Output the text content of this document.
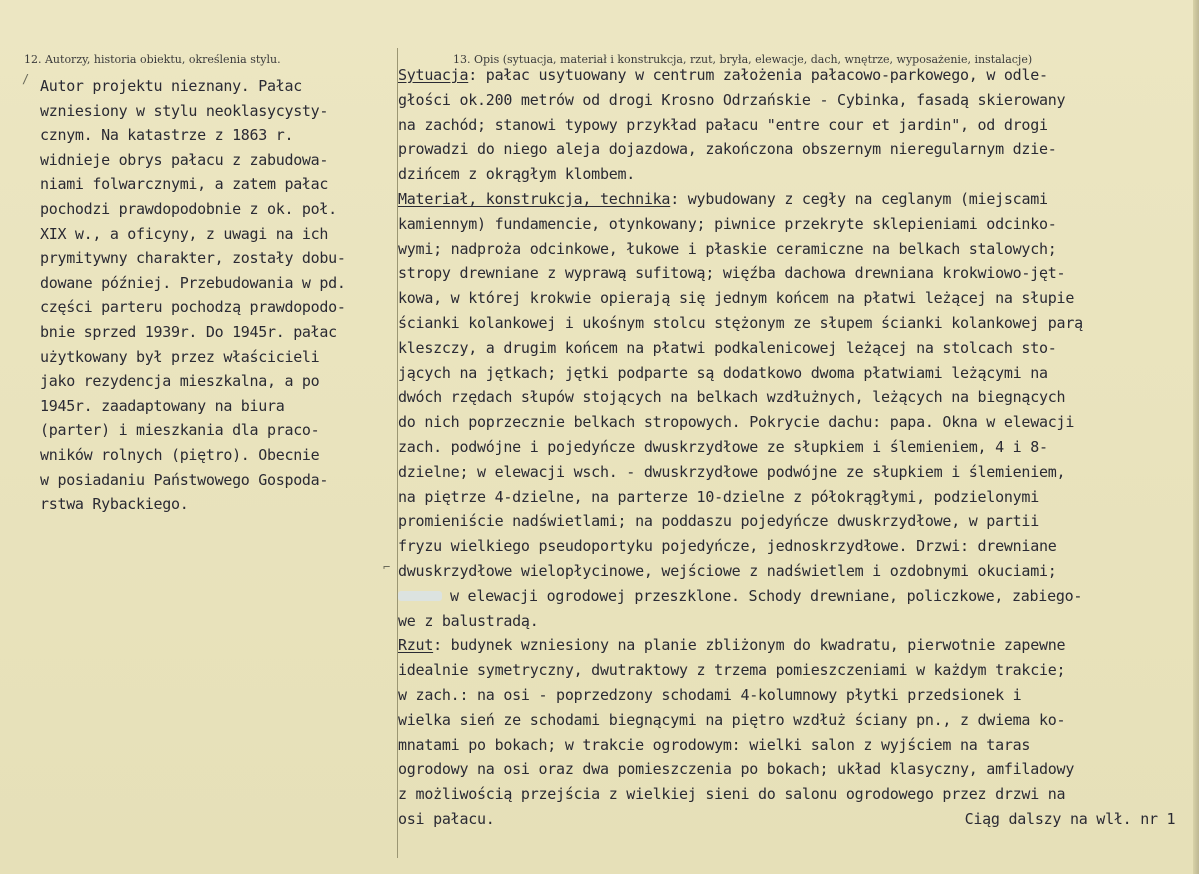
12. Autorzy, historia obiektu, określenia stylu.	13. Opis (sytuacja, materiał i konstrukcja, rzut, bryła, elewacje, dach, wnętrze, wyposażenie, instalacje)
/
⌐
Autor projektu nieznany. Pałac
wzniesiony w stylu neoklasycysty-
cznym. Na katastrze z 1863 r.
widnieje obrys pałacu z zabudowa-
niami folwarcznymi, a zatem pałac
pochodzi prawdopodobnie z ok. poł.
XIX w., a oficyny, z uwagi na ich
prymitywny charakter, zostały dobu-
dowane później. Przebudowania w pd.
części parteru pochodzą prawdopodo-
bnie sprzed 1939r. Do 1945r. pałac
użytkowany był przez właścicieli
jako rezydencja mieszkalna, a po
1945r. zaadaptowany na biura
(parter) i mieszkania dla praco-
wników rolnych (piętro). Obecnie
w posiadaniu Państwowego Gospoda-
rstwa Rybackiego.
Sytuacja: pałac usytuowany w centrum założenia pałacowo-parkowego, w odle-
głości ok.200 metrów od drogi Krosno Odrzańskie - Cybinka, fasadą skierowany
na zachód; stanowi typowy przykład pałacu "entre cour et jardin", od drogi
prowadzi do niego aleja dojazdowa, zakończona obszernym nieregularnym dzie-
dzińcem z okrągłym klombem.
Materiał, konstrukcja, technika: wybudowany z cegły na ceglanym (miejscami
kamiennym) fundamencie, otynkowany; piwnice przekryte sklepieniami odcinko-
wymi; nadproża odcinkowe, łukowe i płaskie ceramiczne na belkach stalowych;
stropy drewniane z wyprawą sufitową; więźba dachowa drewniana krokwiowo-jęt-
kowa, w której krokwie opierają się jednym końcem na płatwi leżącej na słupie
ścianki kolankowej i ukośnym stolcu stężonym ze słupem ścianki kolankowej parą
kleszczy, a drugim końcem na płatwi podkalenicowej leżącej na stolcach sto-
jących na jętkach; jętki podparte są dodatkowo dwoma płatwiami leżącymi na
dwóch rzędach słupów stojących na belkach wzdłużnych, leżących na biegnących
do nich poprzecznie belkach stropowych. Pokrycie dachu: papa. Okna w elewacji
zach. podwójne i pojedyńcze dwuskrzydłowe ze słupkiem i ślemieniem, 4 i 8-
dzielne; w elewacji wsch. - dwuskrzydłowe podwójne ze słupkiem i ślemieniem,
na piętrze 4-dzielne, na parterze 10-dzielne z półokrągłymi, podzielonymi
promieniście nadświetlami; na poddaszu pojedyńcze dwuskrzydłowe, w partii
fryzu wielkiego pseudoportyku pojedyńcze, jednoskrzydłowe. Drzwi: drewniane
dwuskrzydłowe wielopłycinowe, wejściowe z nadświetlem i ozdobnymi okuciami;
w elewacji ogrodowej przeszklone. Schody drewniane, policzkowe, zabiego-
we z balustradą.
Rzut: budynek wzniesiony na planie zbliżonym do kwadratu, pierwotnie zapewne
idealnie symetryczny, dwutraktowy z trzema pomieszczeniami w każdym trakcie;
w zach.: na osi - poprzedzony schodami 4-kolumnowy płytki przedsionek i
wielka sień ze schodami biegnącymi na piętro wzdłuż ściany pn., z dwiema ko-
mnatami po bokach; w trakcie ogrodowym: wielki salon z wyjściem na taras
ogrodowy na osi oraz dwa pomieszczenia po bokach; układ klasyczny, amfiladowy
z możliwością przejścia z wielkiej sieni do salonu ogrodowego przez drzwi na
osi pałacu.	Ciąg dalszy na wlł. nr 1
